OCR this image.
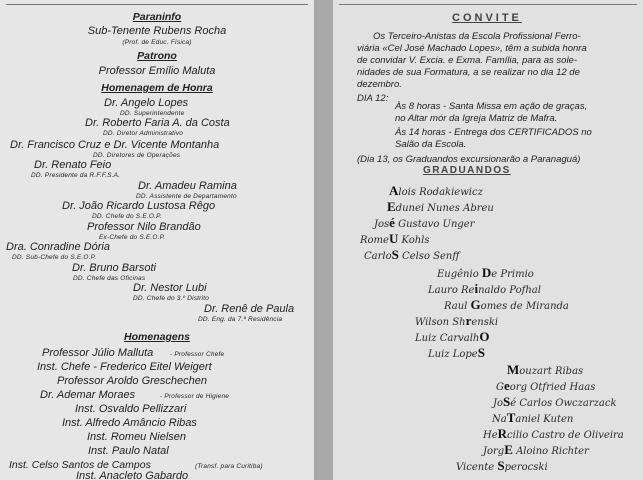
Paraninfo
Sub-Tenente Rubens Rocha
(Prof. de Educ. Física)
Patrono
Professor Emílio Maluta
Homenagem de Honra
Dr. Angelo Lopes
DD. Superintendente
Dr. Roberto Faria A. da Costa
DD. Diretor Administrativo
Dr. Francisco Cruz e Dr. Vicente Montanha
DD. Diretores de Operações
Dr. Renato Feio
DD. Presidente da R.F.F.S.A.
Dr. Amadeu Ramina
DD. Assistente de Departamento
Dr. João Ricardo Lustosa Rêgo
DD. Chefe do S.E.O.P.
Professor Nilo Brandão
Ex-Chefe do S.E.O.P.
Dra. Conradine Dória
DD. Sub-Chefe do S.E.O.P.
Dr. Bruno Barsoti
DD. Chefe das Oficinas
Dr. Nestor Lubi
DD. Chefe do 3.º Distrito
Dr. Renê de Paula
DD. Eng. da 7.ª Residência
Homenagens
Professor Júlio Mallutа	- Professor Chefe
Inst. Chefe - Frederico Eitel Weigert
Professor Aroldo Greschechen
Dr. Ademar Moraes	- Professor de Higiene
Inst. Osvaldo Pellizzari
Inst. Alfredo Amâncio Ribas
Inst. Romeu Nielsen
Inst. Paulo Natal
Inst. Celso Santos de Campos	(Transf. para Curitiba)
Inst. Anacleto Gabardo
CONVITE
Os Terceiro-Anistas da Escola Profissional Ferro-
viária «Cel José Machado Lopes», têm a subida honra
de convidar V. Excia. e Exma. Família, para as sole-
nidades de sua Formatura, a se realizar no dia 12 de
dezembro.
DIA 12:
Às 8 horas - Santa Missa em ação de graças,
no Altar mór da Igreja Matriz de Mafra.
Às 14 horas - Entrega dos CERTIFICADOS no
Salão da Escola.
(Dia 13, os Graduandos excursionarão a Paranaguá)
GRADUANDOS
Alois Rodakiewicz
Edunei Nunes Abreu
José Gustavo Unger
RomeU Kohls
CarloS Celso Senff
Eugênio De Primio
Lauro Reinaldo Pofhal
Raul Gomes de Miranda
Wilson Shrenski
Luiz CarvalhO
Luiz LopeS
Mouzart Ribas
Georg Otfried Haas
JoSé Carlos Owczarzack
NaTaniel Kuten
HeRcilio Castro de Oliveira
JorgE Aloino Richter
Vicente Sperocski
